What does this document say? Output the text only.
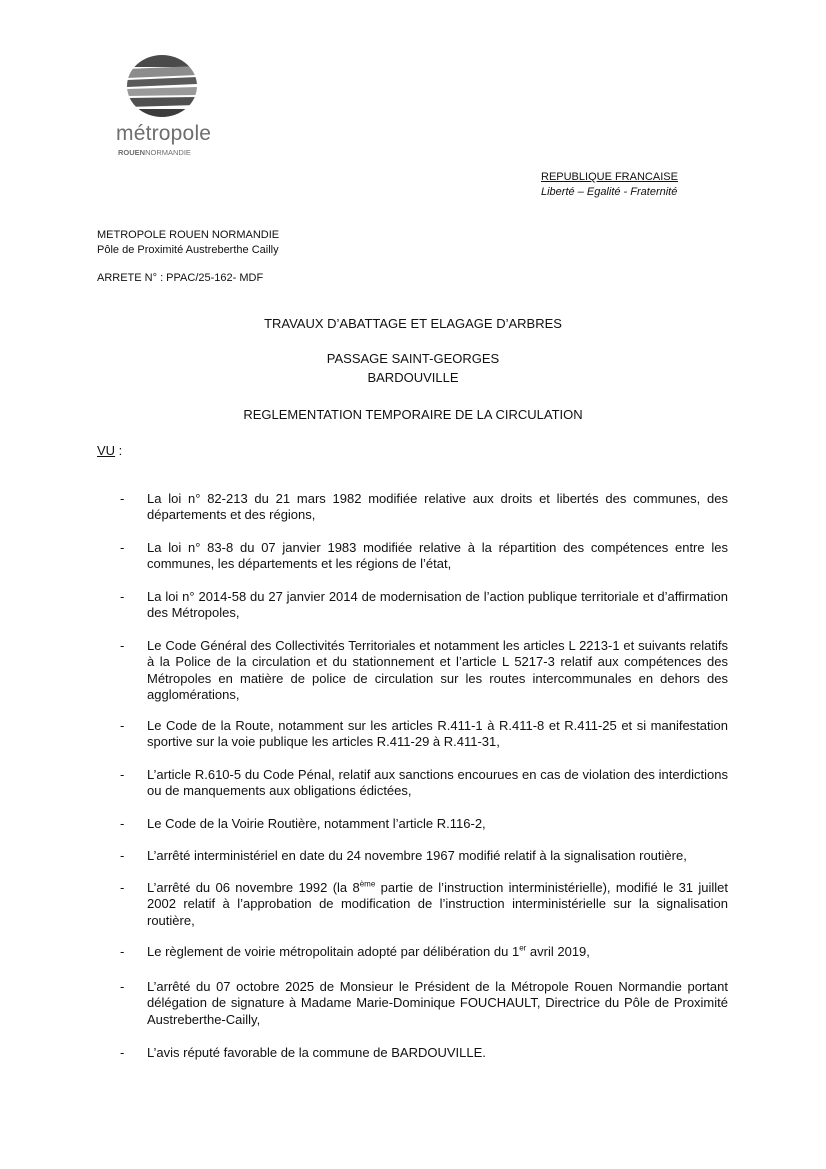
métropole
ROUENNORMANDIE
REPUBLIQUE FRANCAISE
Liberté – Egalité - Fraternité
METROPOLE ROUEN NORMANDIE
Pôle de Proximité Austreberthe Cailly
ARRETE N° : PPAC/25-162- MDF
TRAVAUX D’ABATTAGE ET ELAGAGE D’ARBRES
PASSAGE SAINT-GEORGES
BARDOUVILLE
REGLEMENTATION TEMPORAIRE DE LA CIRCULATION
VU :
- La loi n° 82-213 du 21 mars 1982 modifiée relative aux droits et libertés des communes, des départements et des régions,
- La loi n° 83-8 du 07 janvier 1983 modifiée relative à la répartition des compétences entre les communes, les départements et les régions de l’état,
- La loi n° 2014-58 du 27 janvier 2014 de modernisation de l’action publique territoriale et d’affirmation des Métropoles,
- Le Code Général des Collectivités Territoriales et notamment les articles L 2213-1 et suivants relatifs à la Police de la circulation et du stationnement et l’article L 5217-3 relatif aux compétences des Métropoles en matière de police de circulation sur les routes intercommunales en dehors des agglomérations,
- Le Code de la Route, notamment sur les articles R.411-1 à R.411-8 et R.411-25 et si manifestation sportive sur la voie publique les articles R.411-29 à R.411-31,
- L’article R.610-5 du Code Pénal, relatif aux sanctions encourues en cas de violation des interdictions ou de manquements aux obligations édictées,
- Le Code de la Voirie Routière, notamment l’article R.116-2,
- L’arrêté interministériel en date du 24 novembre 1967 modifié relatif à la signalisation routière,
- L’arrêté du 06 novembre 1992 (la 8ème partie de l’instruction interministérielle), modifié le 31 juillet 2002 relatif à l’approbation de modification de l’instruction interministérielle sur la signalisation routière,
- Le règlement de voirie métropolitain adopté par délibération du 1er avril 2019,
- L’arrêté du 07 octobre 2025 de Monsieur le Président de la Métropole Rouen Normandie portant délégation de signature à Madame Marie-Dominique FOUCHAULT, Directrice du Pôle de Proximité Austreberthe-Cailly,
- L’avis réputé favorable de la commune de BARDOUVILLE.
